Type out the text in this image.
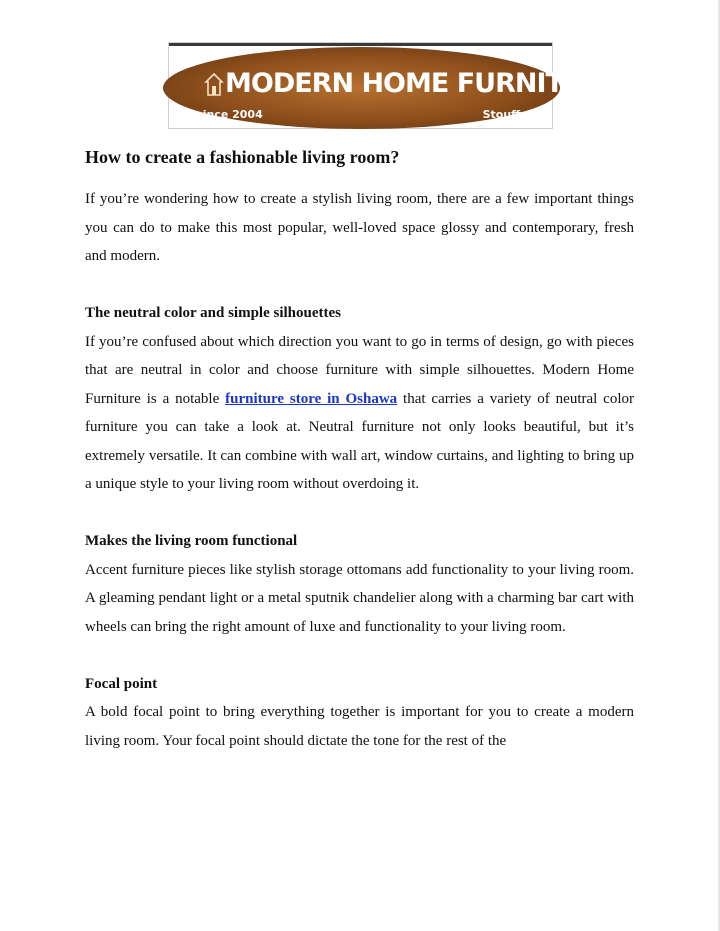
MODERN HOME FURNITURE
Est since 2004	Stouffville
How to create a fashionable living room?

If you’re wondering how to create a stylish living room, there are a few important things you can do to make this most popular, well-loved space glossy and contemporary, fresh and modern.

The neutral color and simple silhouettes

If you’re confused about which direction you want to go in terms of design, go with pieces that are neutral in color and choose furniture with simple silhouettes. Modern Home Furniture is a notable furniture store in Oshawa that carries a variety of neutral color furniture you can take a look at. Neutral furniture not only looks beautiful, but it’s extremely versatile. It can combine with wall art, window curtains, and lighting to bring up a unique style to your living room without overdoing it.

Makes the living room functional

Accent furniture pieces like stylish storage ottomans add functionality to your living room. A gleaming pendant light or a metal sputnik chandelier along with a charming bar cart with wheels can bring the right amount of luxe and functionality to your living room.

Focal point

A bold focal point to bring everything together is important for you to create a modern living room. Your focal point should dictate the tone for the rest of the
